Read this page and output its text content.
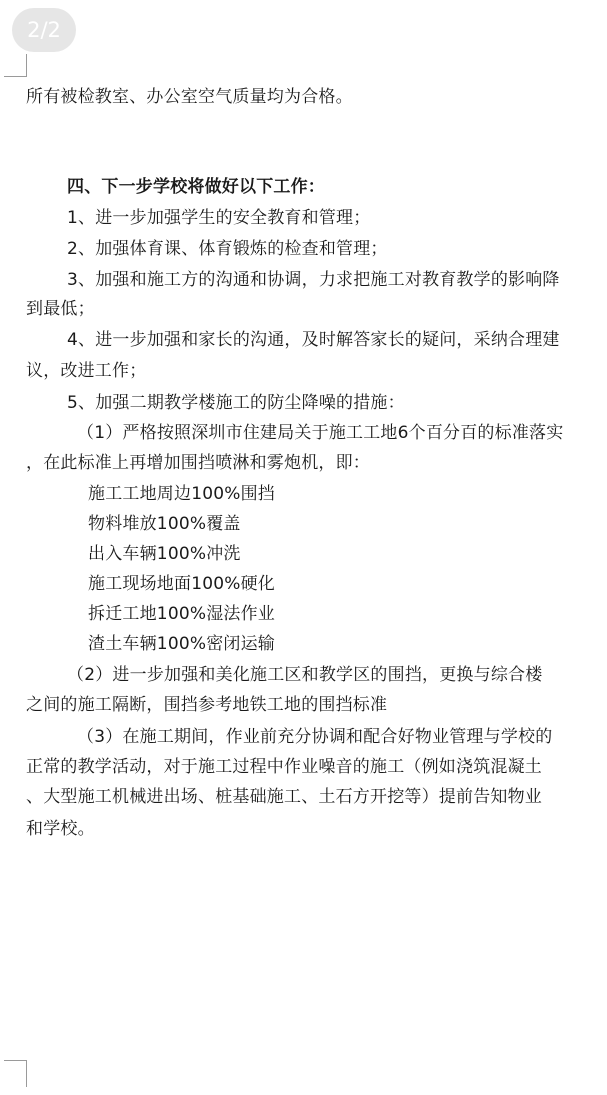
2/2
所有被检教室、办公室空气质量均为合格。
四、下一步学校将做好以下工作：
1、进一步加强学生的安全教育和管理；
2、加强体育课、体育锻炼的检查和管理；
3、加强和施工方的沟通和协调，力求把施工对教育教学的影响降
到最低；
4、进一步加强和家长的沟通，及时解答家长的疑问，采纳合理建
议，改进工作；
5、加强二期教学楼施工的防尘降噪的措施：
（1）严格按照深圳市住建局关于施工工地6个百分百的标准落实
，在此标准上再增加围挡喷淋和雾炮机，即：
施工工地周边100%围挡
物料堆放100%覆盖
出入车辆100%冲洗
施工现场地面100%硬化
拆迁工地100%湿法作业
渣土车辆100%密闭运输
（2）进一步加强和美化施工区和教学区的围挡，更换与综合楼
之间的施工隔断，围挡参考地铁工地的围挡标准
（3）在施工期间，作业前充分协调和配合好物业管理与学校的
正常的教学活动，对于施工过程中作业噪音的施工（例如浇筑混凝土
、大型施工机械进出场、桩基础施工、土石方开挖等）提前告知物业
和学校。
